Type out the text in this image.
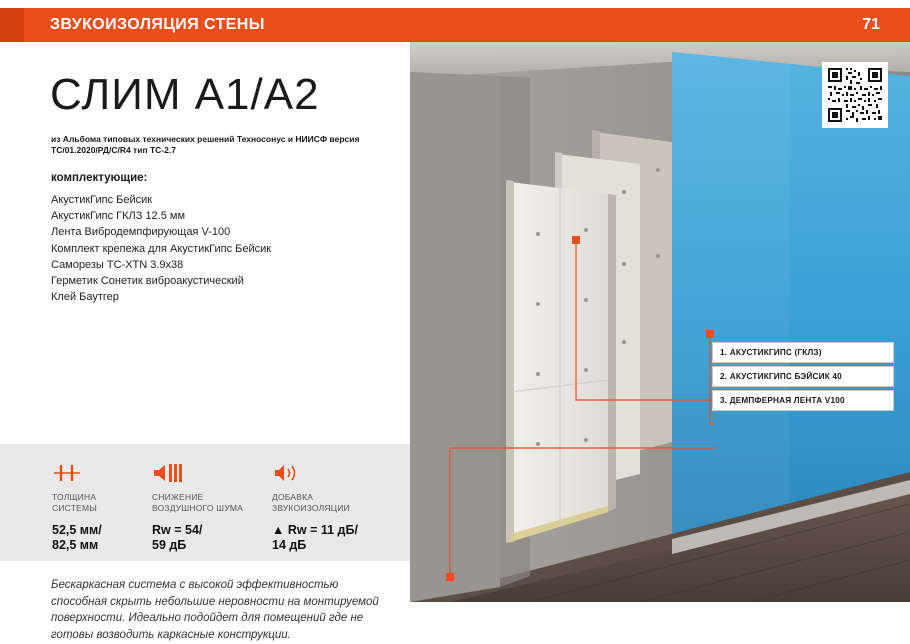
ЗВУКОИЗОЛЯЦИЯ СТЕНЫ	71
СЛИМ А1/А2
из Альбома типовых технических решений Техносонус и НИИСФ версия ТС/01.2020/РД/С/R4 тип ТС-2.7
комплектующие:
АкустикГипс Бейсик
АкустикГипс ГКЛЗ 12.5 мм
Лента Вибродемпфирующая V-100
Комплект крепежа для АкустикГипс Бейсик
Саморезы TC-XTN 3.9x38
Герметик Сонетик виброакустический
Клей Баутгер
ТОЛЩИНА
СИСТЕМЫ
52,5 мм/
82,5 мм
СНИЖЕНИЕ
ВОЗДУШНОГО ШУМА
Rw = 54/
59 дБ
ДОБАВКА
ЗВУКОИЗОЛЯЦИИ
▲ Rw = 11 дБ/
14 дБ
Бескаркасная система с высокой эффективностью способная скрыть небольшие неровности на монтируемой поверхности. Идеально подойдет для помещений где не готовы возводить каркасные конструкции.
1. АКУСТИКГИПС (ГКЛЗ)
2. АКУСТИКГИПС БЭЙСИК 40
3. ДЕМПФЕРНАЯ ЛЕНТА V100
